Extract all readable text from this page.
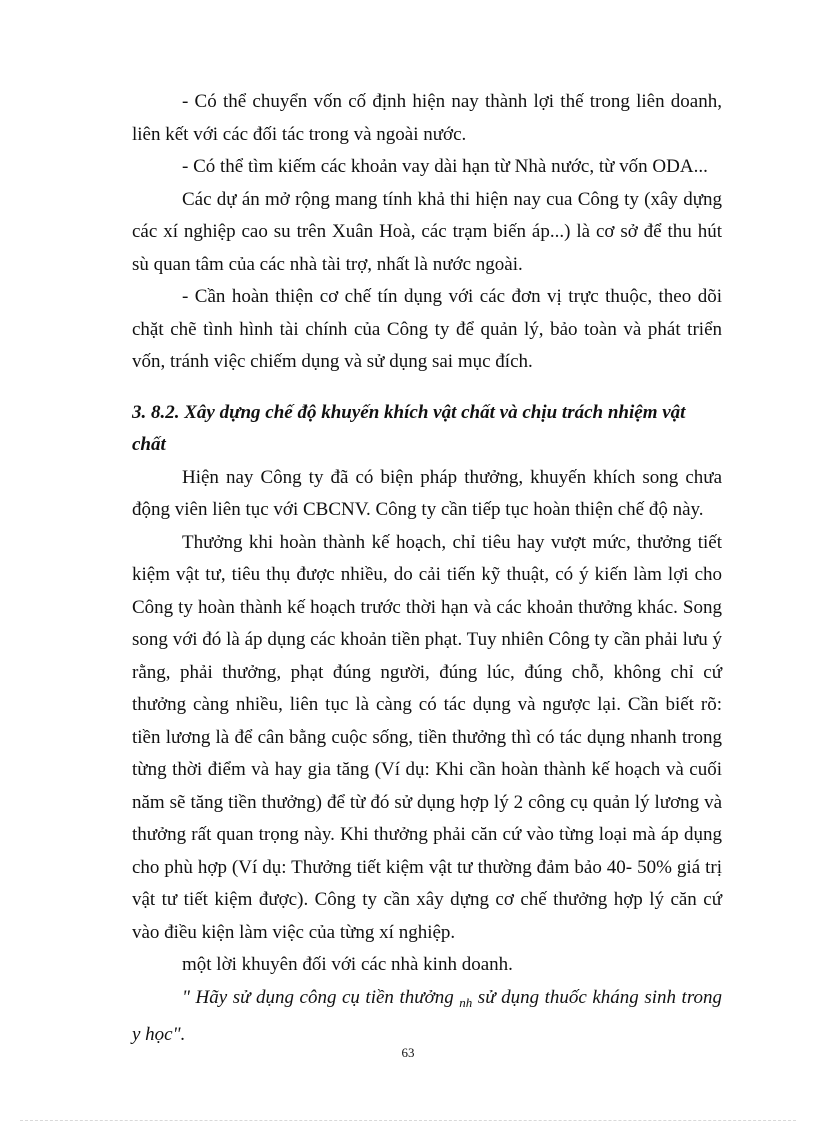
- Có thể chuyển vốn cố định hiện nay thành lợi thế trong liên doanh, liên kết với các đối tác trong và ngoài nước.

- Có thể tìm kiếm các khoản vay dài hạn từ Nhà nước, từ vốn ODA...

Các dự án mở rộng mang tính khả thi hiện nay cua Công ty (xây dựng các xí nghiệp cao su trên Xuân Hoà, các trạm biến áp...) là cơ sở để thu hút sù quan tâm của các nhà tài trợ, nhất là nước ngoài.

- Cần hoàn thiện cơ chế tín dụng với các đơn vị trực thuộc, theo dõi chặt chẽ tình hình tài chính của Công ty để quản lý, bảo toàn và phát triển vốn, tránh việc chiếm dụng và sử dụng sai mục đích.

3. 8.2. Xây dựng chế độ khuyến khích vật chất và chịu trách nhiệm vật chất

Hiện nay Công ty đã có biện pháp thưởng, khuyến khích song chưa động viên liên tục với CBCNV. Công ty cần tiếp tục hoàn thiện chế độ này.

Thưởng khi hoàn thành kế hoạch, chỉ tiêu hay vượt mức, thưởng tiết kiệm vật tư, tiêu thụ được nhiều, do cải tiến kỹ thuật, có ý kiến làm lợi cho Công ty hoàn thành kế hoạch trước thời hạn và các khoản thưởng khác. Song song với đó là áp dụng các khoản tiền phạt. Tuy nhiên Công ty cần phải lưu ý rằng, phải thưởng, phạt đúng người, đúng lúc, đúng chỗ, không chỉ cứ thưởng càng nhiều, liên tục là càng có tác dụng và ngược lại. Cần biết rõ: tiền lương là để cân bằng cuộc sống, tiền thưởng thì có tác dụng nhanh trong từng thời điểm và hay gia tăng (Ví dụ: Khi cần hoàn thành kế hoạch và cuối năm sẽ tăng tiền thưởng) để từ đó sử dụng hợp lý 2 công cụ quản lý lương và thưởng rất quan trọng này. Khi thưởng phải căn cứ vào từng loại mà áp dụng cho phù hợp (Ví dụ: Thưởng tiết kiệm vật tư thường đảm bảo 40- 50% giá trị vật tư tiết kiệm được). Công ty cần xây dựng cơ chế thưởng hợp lý căn cứ vào điều kiện làm việc của từng xí nghiệp.

một lời khuyên đối với các nhà kinh doanh.

" Hãy sử dụng công cụ tiền thưởng $_{nh}$ sử dụng thuốc kháng sinh trong y học".

63
